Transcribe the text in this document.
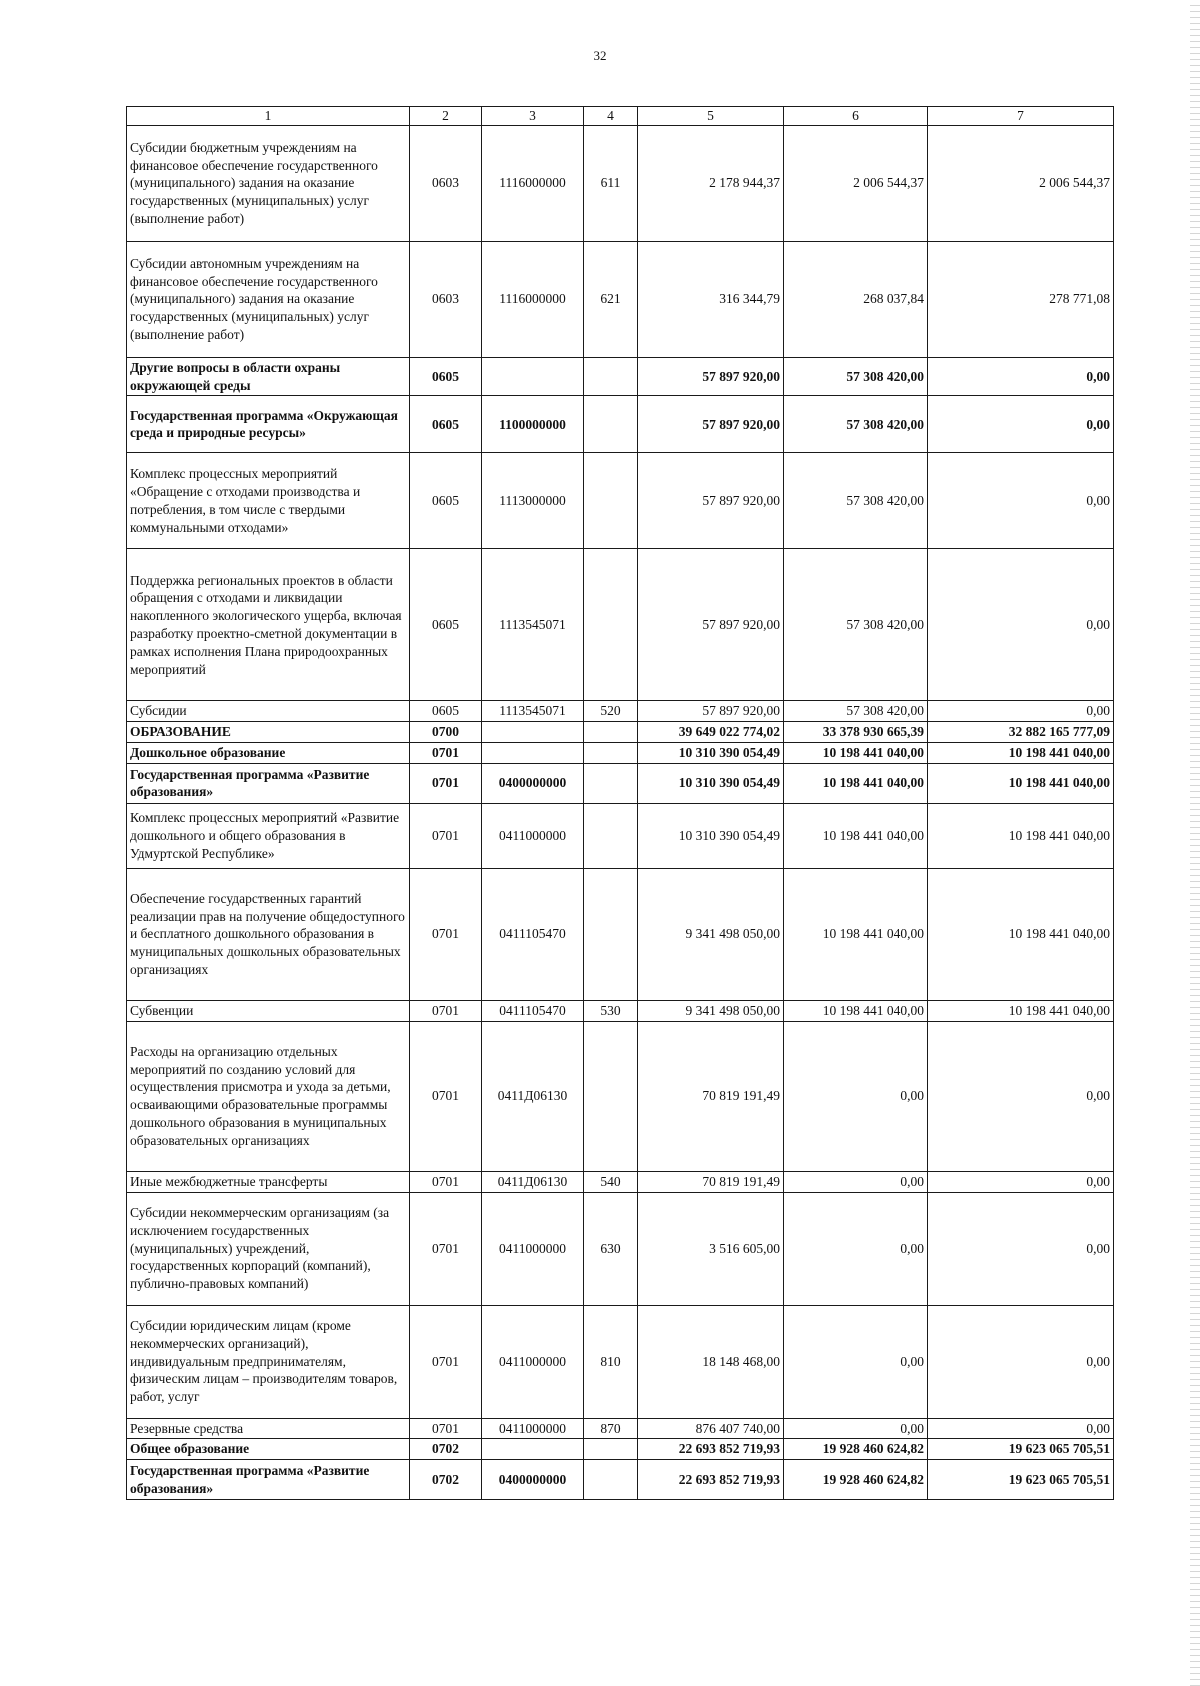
32
1	2	3	4	5	6	7
Субсидии бюджетным учреждениям на финансовое обеспечение государственного (муниципального) задания на оказание государственных (муниципальных) услуг (выполнение работ)	0603	1116000000	611	2 178 944,37	2 006 544,37	2 006 544,37
Субсидии автономным учреждениям на финансовое обеспечение государственного (муниципального) задания на оказание государственных (муниципальных) услуг (выполнение работ)	0603	1116000000	621	316 344,79	268 037,84	278 771,08
Другие вопросы в области охраны окружающей среды	0605			57 897 920,00	57 308 420,00	0,00
Государственная программа «Окружающая среда и природные ресурсы»	0605	1100000000		57 897 920,00	57 308 420,00	0,00
Комплекс процессных мероприятий «Обращение с отходами производства и потребления, в том числе с твердыми коммунальными отходами»	0605	1113000000		57 897 920,00	57 308 420,00	0,00
Поддержка региональных проектов в области обращения с отходами и ликвидации накопленного экологического ущерба, включая разработку проектно-сметной документации в рамках исполнения Плана природоохранных мероприятий	0605	1113545071		57 897 920,00	57 308 420,00	0,00
Субсидии	0605	1113545071	520	57 897 920,00	57 308 420,00	0,00
ОБРАЗОВАНИЕ	0700			39 649 022 774,02	33 378 930 665,39	32 882 165 777,09
Дошкольное образование	0701			10 310 390 054,49	10 198 441 040,00	10 198 441 040,00
Государственная программа «Развитие образования»	0701	0400000000		10 310 390 054,49	10 198 441 040,00	10 198 441 040,00
Комплекс процессных мероприятий «Развитие дошкольного и общего образования в Удмуртской Республике»	0701	0411000000		10 310 390 054,49	10 198 441 040,00	10 198 441 040,00
Обеспечение государственных гарантий реализации прав на получение общедоступного и бесплатного дошкольного образования в муниципальных дошкольных образовательных организациях	0701	0411105470		9 341 498 050,00	10 198 441 040,00	10 198 441 040,00
Субвенции	0701	0411105470	530	9 341 498 050,00	10 198 441 040,00	10 198 441 040,00
Расходы на организацию отдельных мероприятий по созданию условий для осуществления присмотра и ухода за детьми, осваивающими образовательные программы дошкольного образования в муниципальных образовательных организациях	0701	0411Д06130		70 819 191,49	0,00	0,00
Иные межбюджетные трансферты	0701	0411Д06130	540	70 819 191,49	0,00	0,00
Субсидии некоммерческим организациям (за исключением государственных (муниципальных) учреждений, государственных корпораций (компаний), публично-правовых компаний)	0701	0411000000	630	3 516 605,00	0,00	0,00
Субсидии юридическим лицам (кроме некоммерческих организаций), индивидуальным предпринимателям, физическим лицам – производителям товаров, работ, услуг	0701	0411000000	810	18 148 468,00	0,00	0,00
Резервные средства	0701	0411000000	870	876 407 740,00	0,00	0,00
Общее образование	0702			22 693 852 719,93	19 928 460 624,82	19 623 065 705,51
Государственная программа «Развитие образования»	0702	0400000000		22 693 852 719,93	19 928 460 624,82	19 623 065 705,51
